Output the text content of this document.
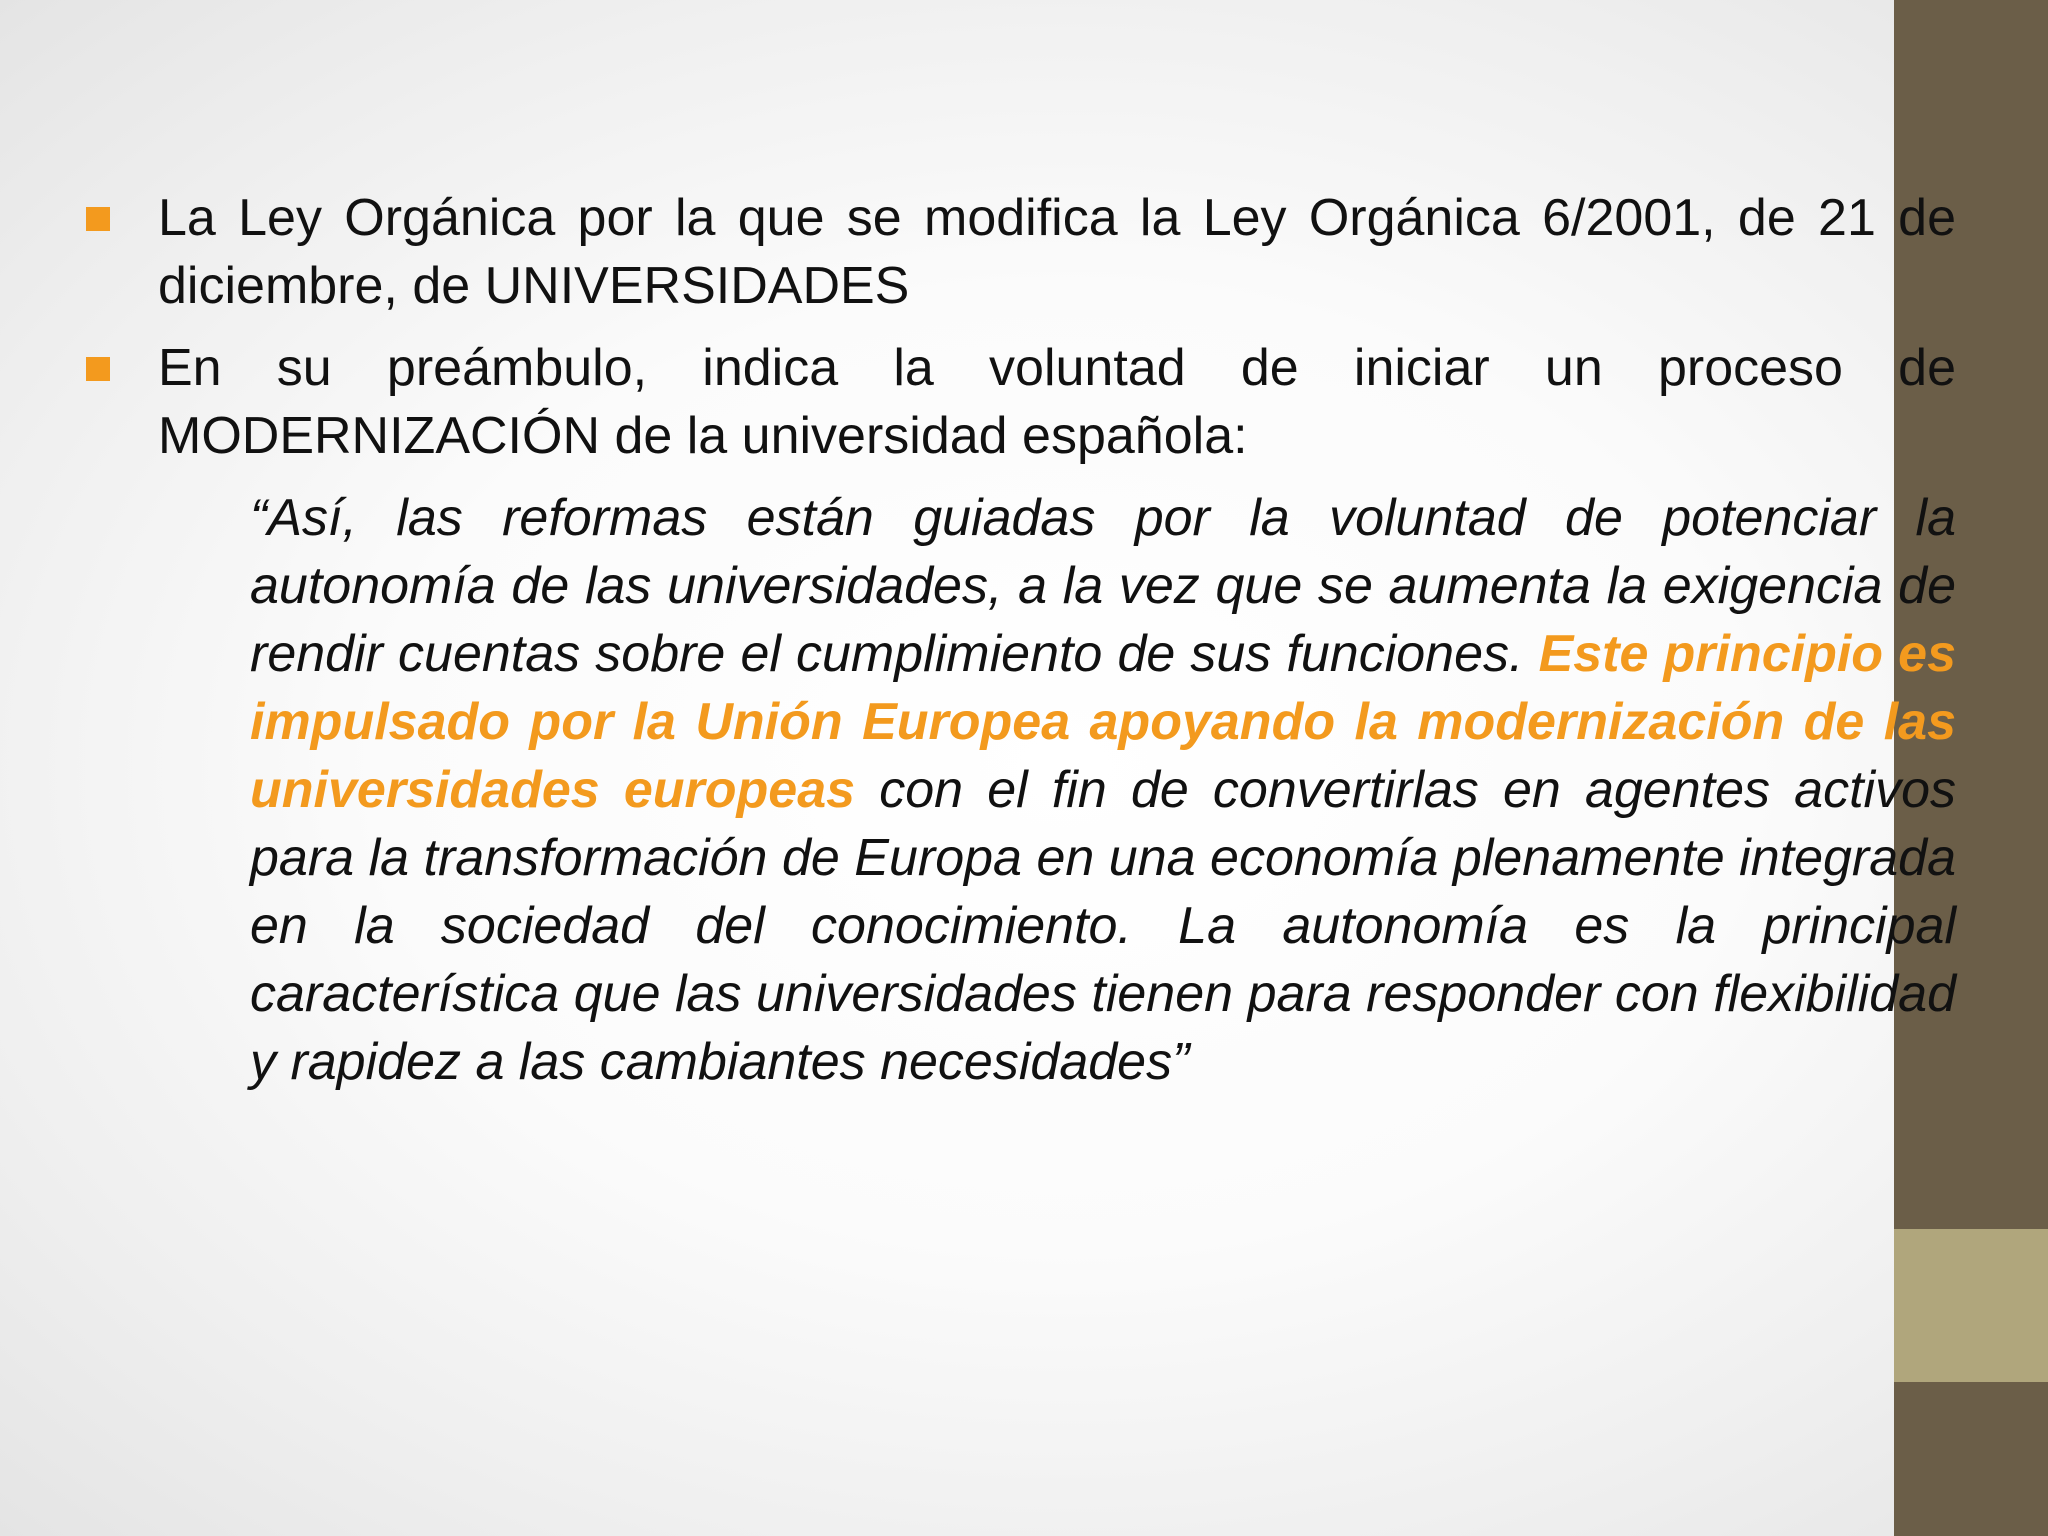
La Ley Orgánica por la que se modifica la Ley Orgánica 6/2001, de 21 de diciembre, de UNIVERSIDADES
En su preámbulo, indica la voluntad de iniciar un proceso de MODERNIZACIÓN de la universidad española:
“Así, las reformas están guiadas por la voluntad de potenciar la autonomía de las universidades, a la vez que se aumenta la exigencia de rendir cuentas sobre el cumplimiento de sus funciones. Este principio es impulsado por la Unión Europea apoyando la modernización de las universidades europeas con el fin de convertirlas en agentes activos para la transformación de Europa en una economía plenamente integrada en la sociedad del conocimiento. La autonomía es la principal característica que las universidades tienen para responder con flexibilidad y rapidez a las cambiantes necesidades”
